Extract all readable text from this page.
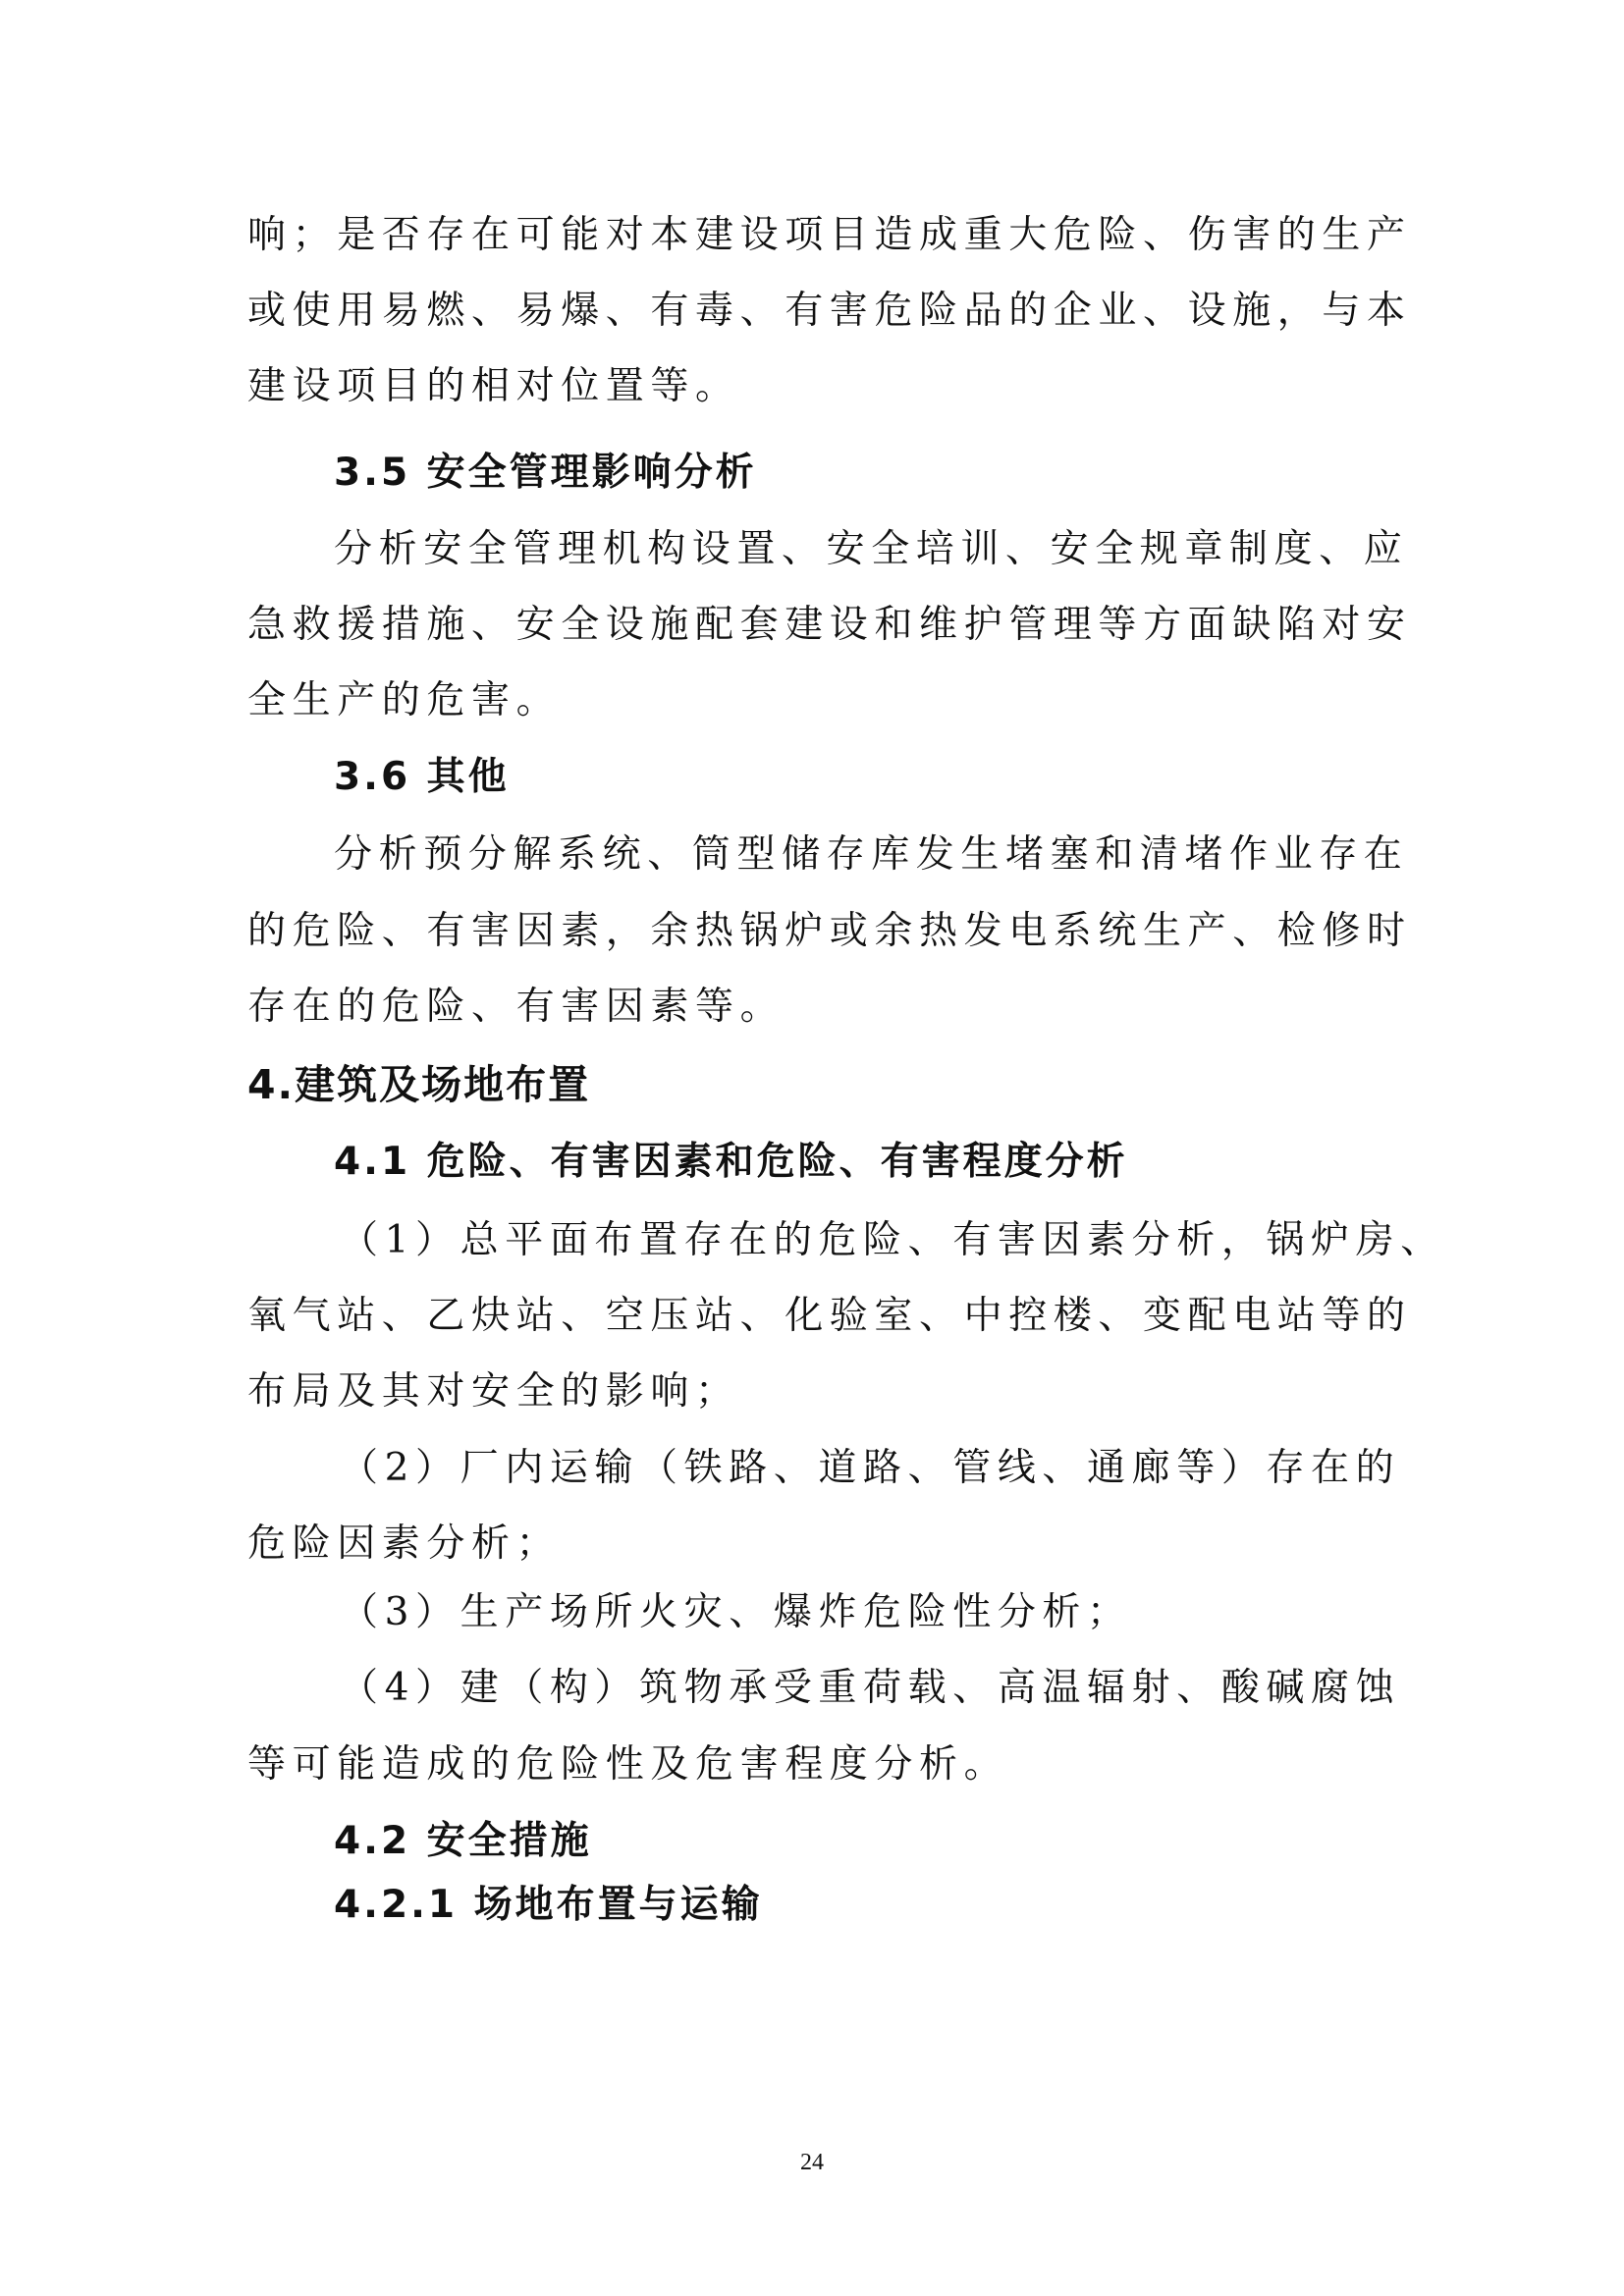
响；是否存在可能对本建设项目造成重大危险、伤害的生产
或使用易燃、易爆、有毒、有害危险品的企业、设施，与本
建设项目的相对位置等。
3.5 安全管理影响分析
分析安全管理机构设置、安全培训、安全规章制度、应
急救援措施、安全设施配套建设和维护管理等方面缺陷对安
全生产的危害。
3.6 其他
分析预分解系统、筒型储存库发生堵塞和清堵作业存在
的危险、有害因素，余热锅炉或余热发电系统生产、检修时
存在的危险、有害因素等。
4.建筑及场地布置
4.1 危险、有害因素和危险、有害程度分析
（1）总平面布置存在的危险、有害因素分析，锅炉房、
氧气站、乙炔站、空压站、化验室、中控楼、变配电站等的
布局及其对安全的影响；
（2）厂内运输（铁路、道路、管线、通廊等）存在的
危险因素分析；
（3）生产场所火灾、爆炸危险性分析；
（4）建（构）筑物承受重荷载、高温辐射、酸碱腐蚀
等可能造成的危险性及危害程度分析。
4.2 安全措施
4.2.1 场地布置与运输
24
